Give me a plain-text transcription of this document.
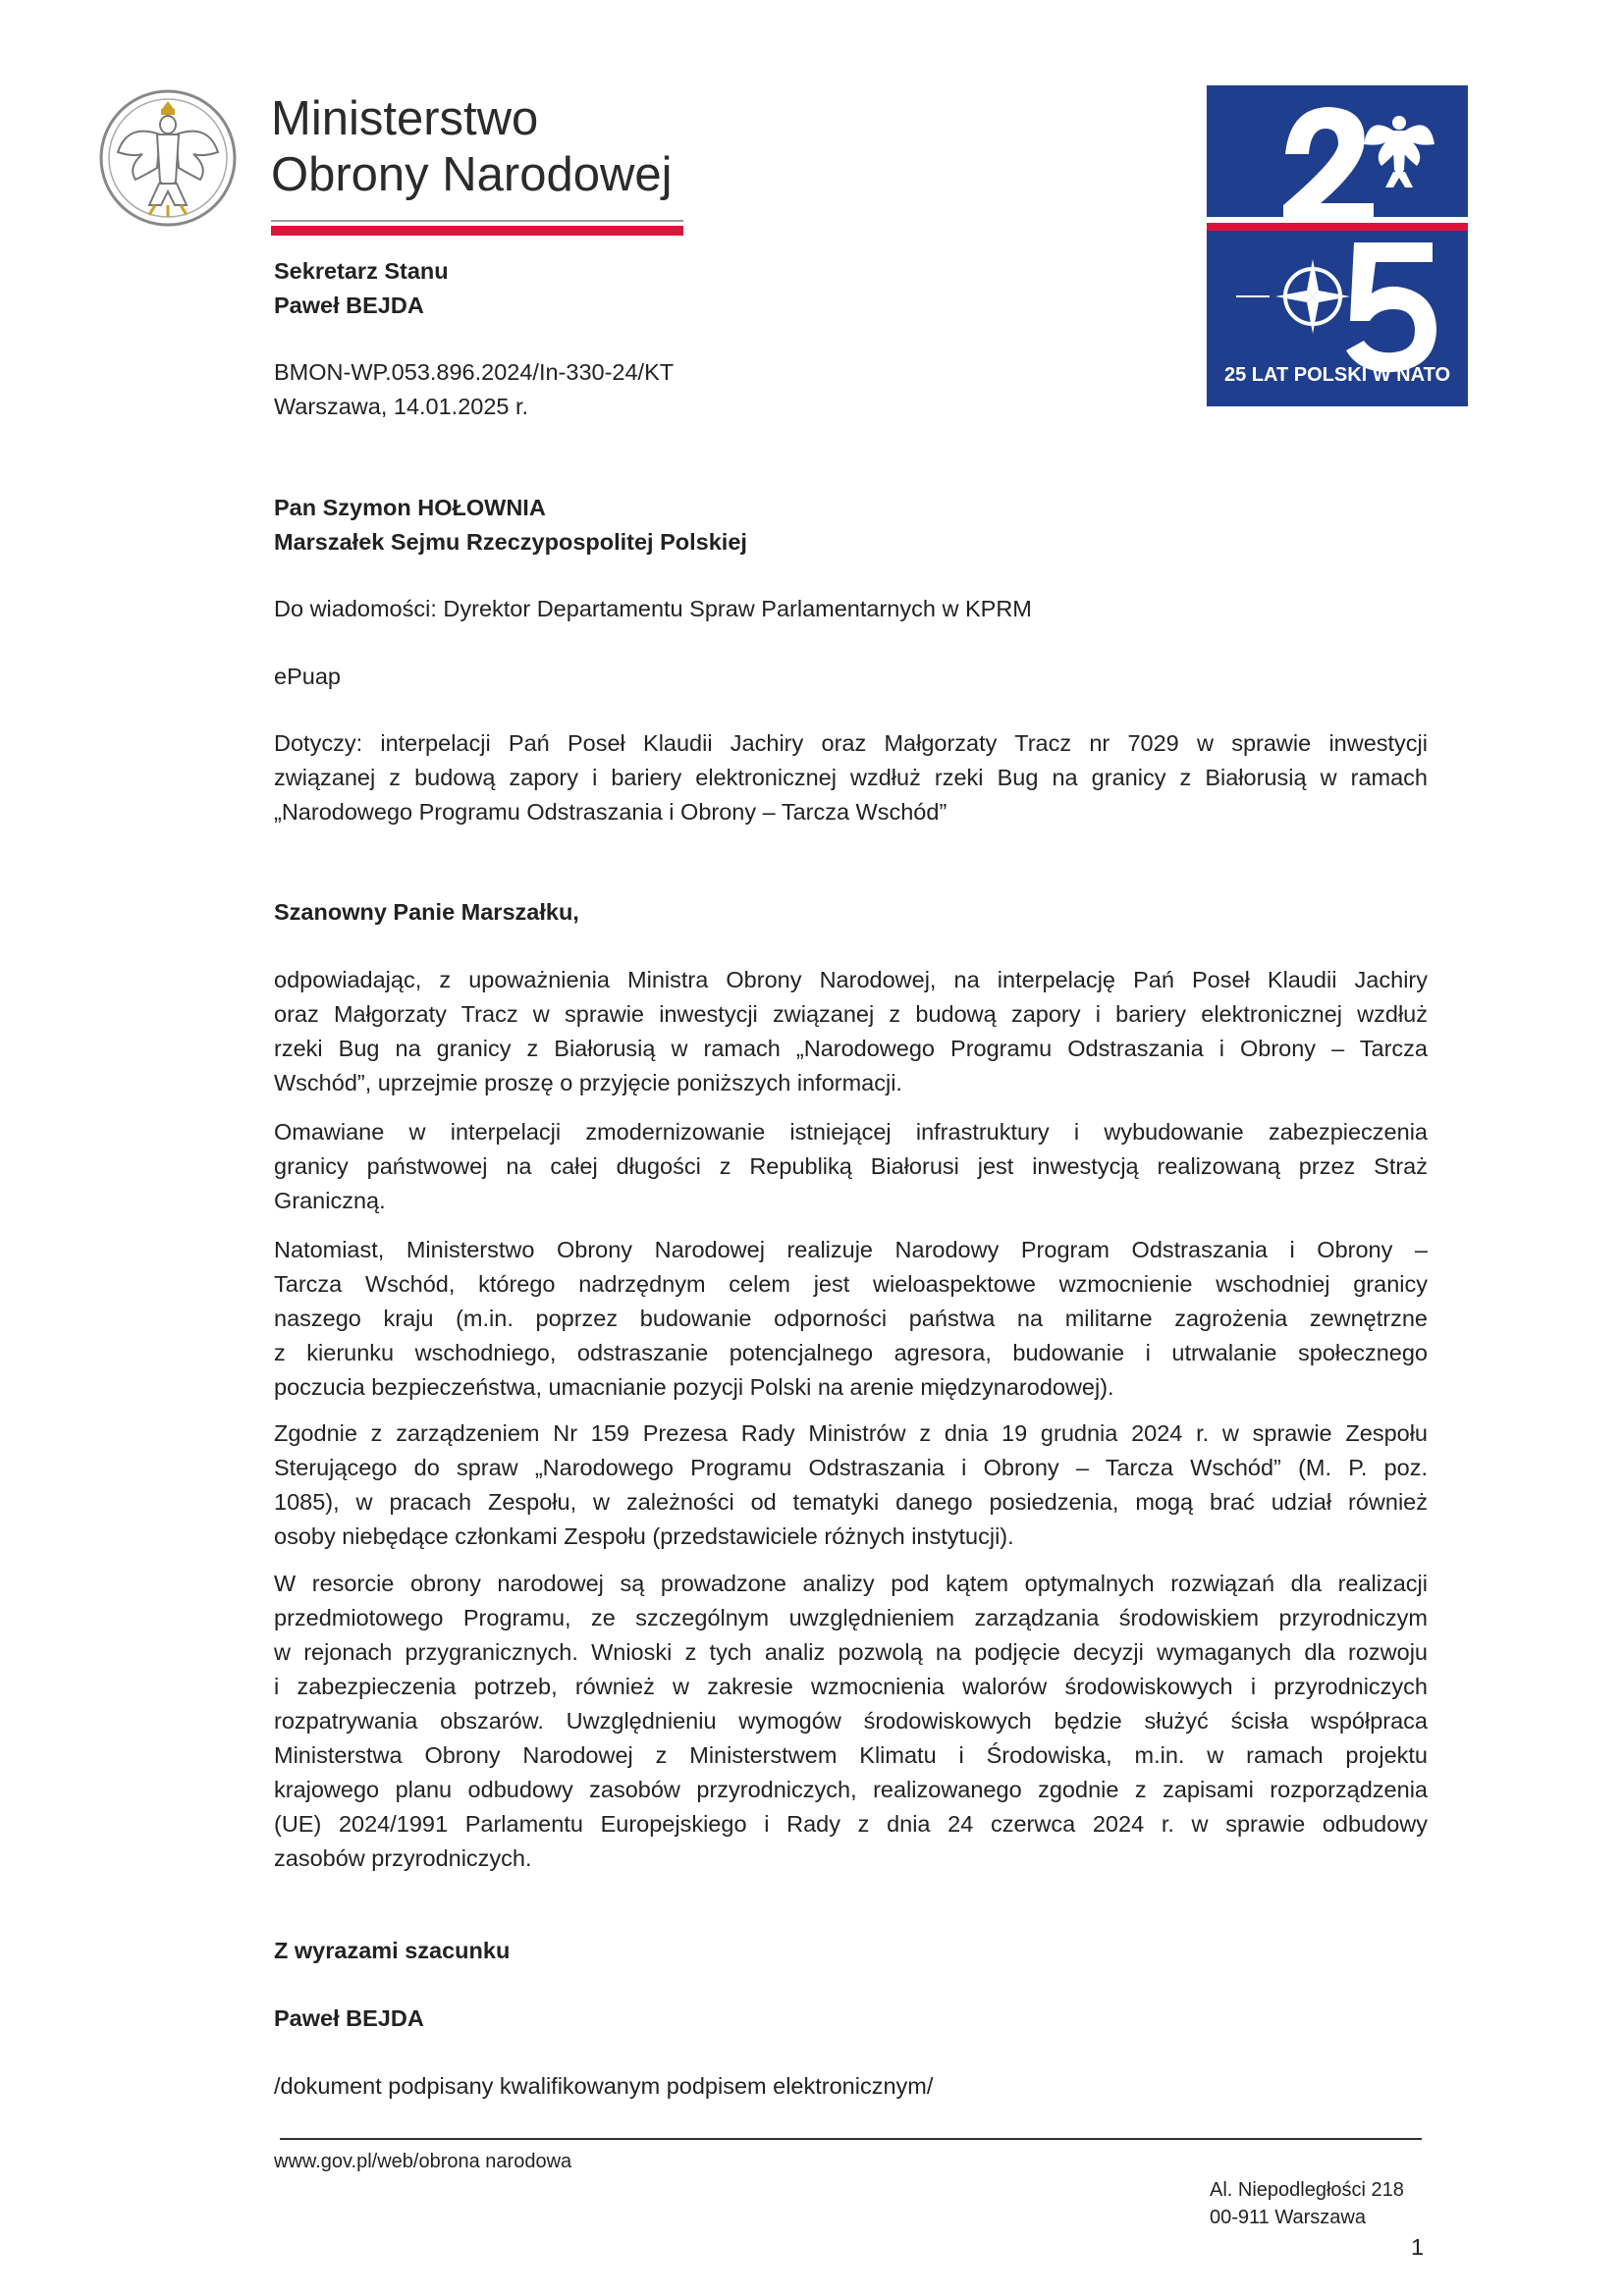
Ministerstwo
Obrony Narodowej
25
25 LAT POLSKI W NATO
Sekretarz Stanu
Paweł BEJDA
BMON-WP.053.896.2024/In-330-24/KT
Warszawa, 14.01.2025 r.
Pan Szymon HOŁOWNIA
Marszałek Sejmu Rzeczypospolitej Polskiej
Do wiadomości: Dyrektor Departamentu Spraw Parlamentarnych w KPRM
ePuap
Dotyczy: interpelacji Pań Poseł Klaudii Jachiry oraz Małgorzaty Tracz nr 7029 w sprawie inwestycji
związanej z budową zapory i bariery elektronicznej wzdłuż rzeki Bug na granicy z Białorusią w ramach
„Narodowego Programu Odstraszania i Obrony – Tarcza Wschód”
Szanowny Panie Marszałku,
odpowiadając, z upoważnienia Ministra Obrony Narodowej, na interpelację Pań Poseł Klaudii Jachiry
oraz Małgorzaty Tracz w sprawie inwestycji związanej z budową zapory i bariery elektronicznej wzdłuż
rzeki Bug na granicy z Białorusią w ramach „Narodowego Programu Odstraszania i Obrony – Tarcza
Wschód”, uprzejmie proszę o przyjęcie poniższych informacji.
Omawiane w interpelacji zmodernizowanie istniejącej infrastruktury i wybudowanie zabezpieczenia
granicy państwowej na całej długości z Republiką Białorusi jest inwestycją realizowaną przez Straż
Graniczną.
Natomiast, Ministerstwo Obrony Narodowej realizuje Narodowy Program Odstraszania i Obrony –
Tarcza Wschód, którego nadrzędnym celem jest wieloaspektowe wzmocnienie wschodniej granicy
naszego kraju (m.in. poprzez budowanie odporności państwa na militarne zagrożenia zewnętrzne
z kierunku wschodniego, odstraszanie potencjalnego agresora, budowanie i utrwalanie społecznego
poczucia bezpieczeństwa, umacnianie pozycji Polski na arenie międzynarodowej).
Zgodnie z zarządzeniem Nr 159 Prezesa Rady Ministrów z dnia 19 grudnia 2024 r. w sprawie Zespołu
Sterującego do spraw „Narodowego Programu Odstraszania i Obrony – Tarcza Wschód” (M. P. poz.
1085), w pracach Zespołu, w zależności od tematyki danego posiedzenia, mogą brać udział również
osoby niebędące członkami Zespołu (przedstawiciele różnych instytucji).
W resorcie obrony narodowej są prowadzone analizy pod kątem optymalnych rozwiązań dla realizacji
przedmiotowego Programu, ze szczególnym uwzględnieniem zarządzania środowiskiem przyrodniczym
w rejonach przygranicznych. Wnioski z tych analiz pozwolą na podjęcie decyzji wymaganych dla rozwoju
i zabezpieczenia potrzeb, również w zakresie wzmocnienia walorów środowiskowych i przyrodniczych
rozpatrywania obszarów. Uwzględnieniu wymogów środowiskowych będzie służyć ścisła współpraca
Ministerstwa Obrony Narodowej z Ministerstwem Klimatu i Środowiska, m.in. w ramach projektu
krajowego planu odbudowy zasobów przyrodniczych, realizowanego zgodnie z zapisami rozporządzenia
(UE) 2024/1991 Parlamentu Europejskiego i Rady z dnia 24 czerwca 2024 r. w sprawie odbudowy
zasobów przyrodniczych.
Z wyrazami szacunku
Paweł BEJDA
/dokument podpisany kwalifikowanym podpisem elektronicznym/
www.gov.pl/web/obrona narodowa
Al. Niepodległości 218
00-911 Warszawa
1
